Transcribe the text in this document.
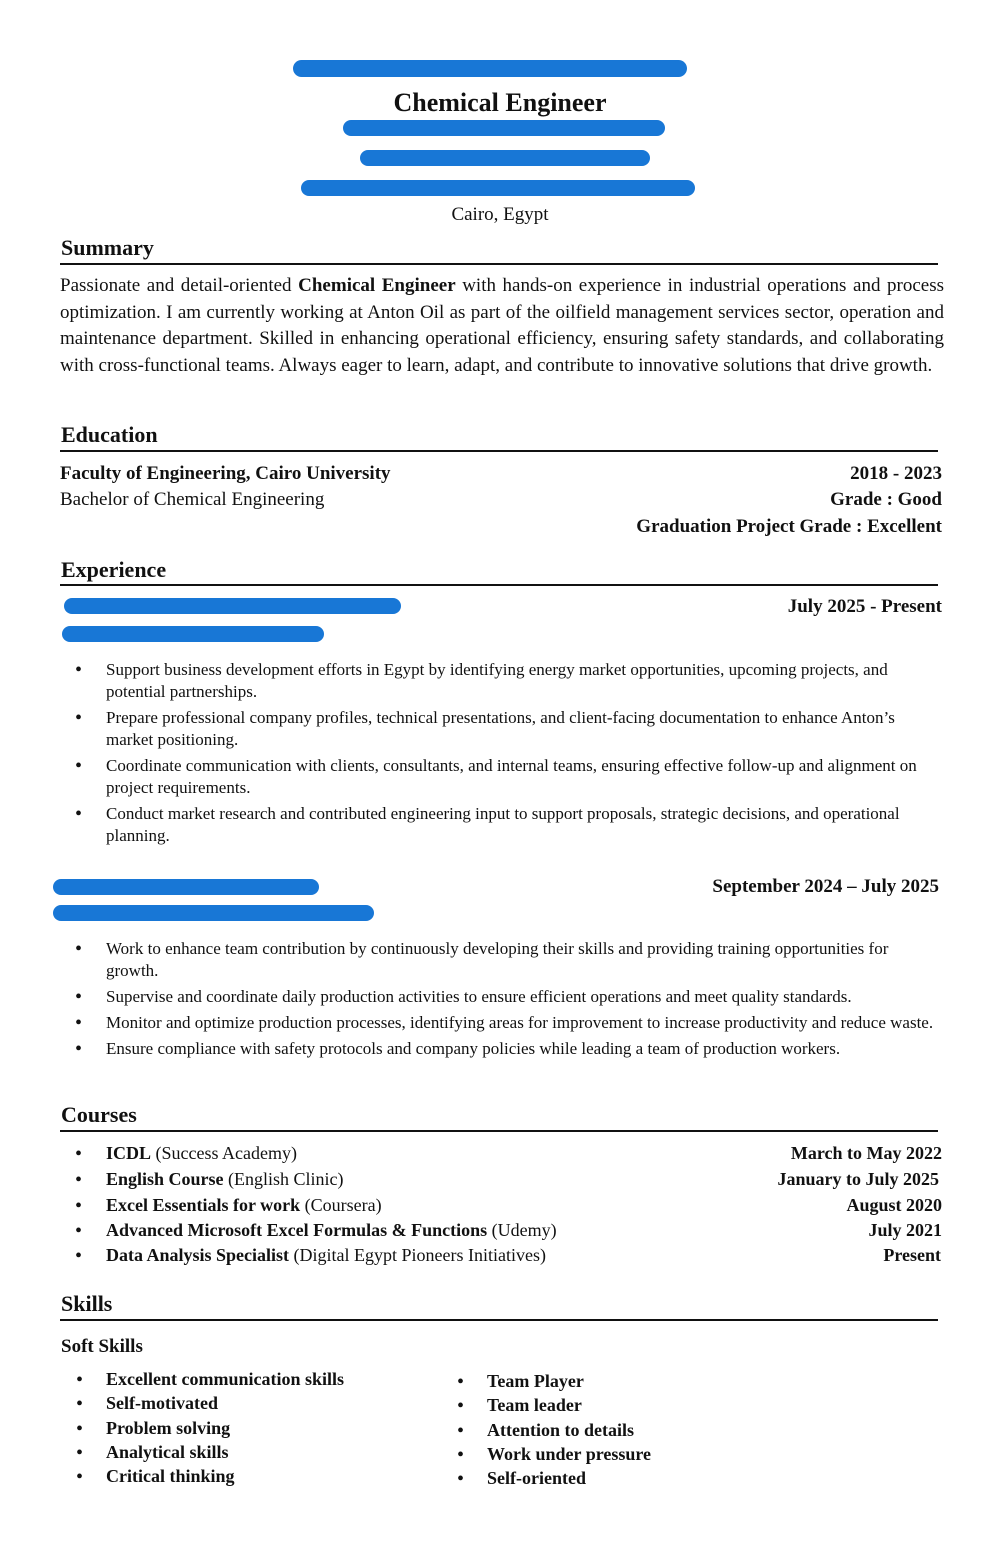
Chemical Engineer
Cairo, Egypt
Summary
Passionate and detail-oriented Chemical Engineer with hands-on experience in industrial operations and process optimization. I am currently working at Anton Oil as part of the oilfield management services sector, operation and maintenance department. Skilled in enhancing operational efficiency, ensuring safety standards, and collaborating with cross-functional teams. Always eager to learn, adapt, and contribute to innovative solutions that drive growth.
Education
Faculty of Engineering, Cairo University	2018 - 2023
Bachelor of Chemical Engineering	Grade : Good
Graduation Project Grade : Excellent
Experience
July 2025 - Present
• Support business development efforts in Egypt by identifying energy market opportunities, upcoming projects, and potential partnerships.
• Prepare professional company profiles, technical presentations, and client-facing documentation to enhance Anton’s market positioning.
• Coordinate communication with clients, consultants, and internal teams, ensuring effective follow-up and alignment on project requirements.
• Conduct market research and contributed engineering input to support proposals, strategic decisions, and operational planning.
September 2024 – July 2025
• Work to enhance team contribution by continuously developing their skills and providing training opportunities for growth.
• Supervise and coordinate daily production activities to ensure efficient operations and meet quality standards.
• Monitor and optimize production processes, identifying areas for improvement to increase productivity and reduce waste.
• Ensure compliance with safety protocols and company policies while leading a team of production workers.
Courses
• ICDL (Success Academy)	March to May 2022
• English Course (English Clinic)	January to July 2025
• Excel Essentials for work (Coursera)	August 2020
• Advanced Microsoft Excel Formulas & Functions (Udemy)	July 2021
• Data Analysis Specialist (Digital Egypt Pioneers Initiatives)	Present
Skills
Soft Skills
• Excellent communication skills
• Self-motivated
• Problem solving
• Analytical skills
• Critical thinking
• Team Player
• Team leader
• Attention to details
• Work under pressure
• Self-oriented
